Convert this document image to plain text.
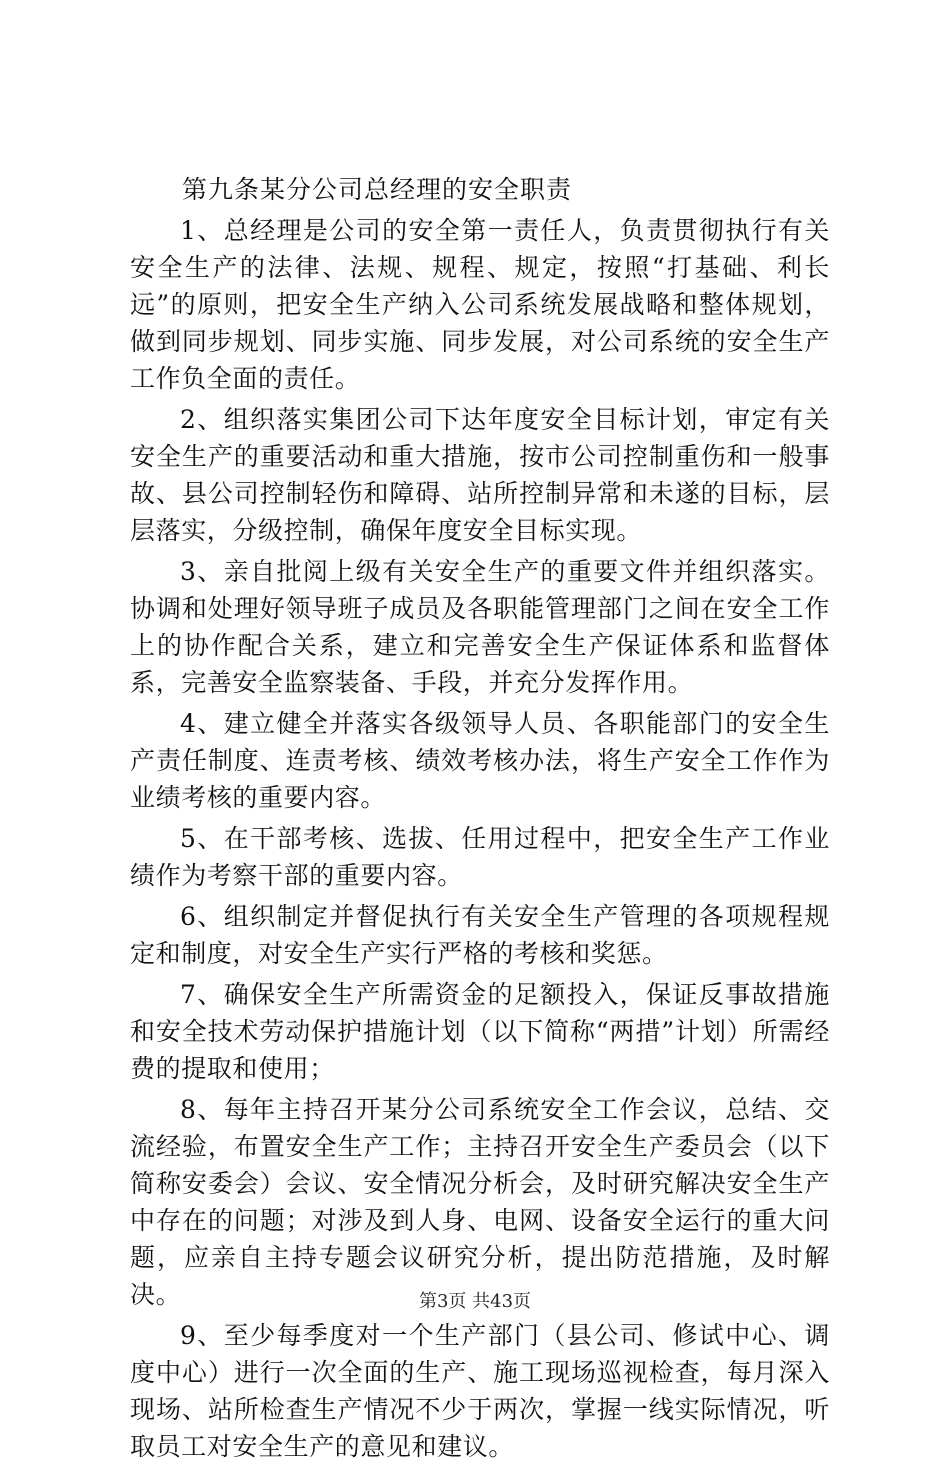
第九条某分公司总经理的安全职责

1、总经理是公司的安全第一责任人，负责贯彻执行有关安全生产的法律、法规、规程、规定，按照“打基础、利长远”的原则，把安全生产纳入公司系统发展战略和整体规划，做到同步规划、同步实施、同步发展，对公司系统的安全生产工作负全面的责任。

2、组织落实集团公司下达年度安全目标计划，审定有关安全生产的重要活动和重大措施，按市公司控制重伤和一般事故、县公司控制轻伤和障碍、站所控制异常和未遂的目标，层层落实，分级控制，确保年度安全目标实现。

3、亲自批阅上级有关安全生产的重要文件并组织落实。协调和处理好领导班子成员及各职能管理部门之间在安全工作上的协作配合关系，建立和完善安全生产保证体系和监督体系，完善安全监察装备、手段，并充分发挥作用。

4、建立健全并落实各级领导人员、各职能部门的安全生产责任制度、连责考核、绩效考核办法，将生产安全工作作为业绩考核的重要内容。

5、在干部考核、选拔、任用过程中，把安全生产工作业绩作为考察干部的重要内容。

6、组织制定并督促执行有关安全生产管理的各项规程规定和制度，对安全生产实行严格的考核和奖惩。

7、确保安全生产所需资金的足额投入，保证反事故措施和安全技术劳动保护措施计划（以下简称“两措”计划）所需经费的提取和使用；

8、每年主持召开某分公司系统安全工作会议，总结、交流经验，布置安全生产工作；主持召开安全生产委员会（以下简称安委会）会议、安全情况分析会，及时研究解决安全生产中存在的问题；对涉及到人身、电网、设备安全运行的重大问题，应亲自主持专题会议研究分析，提出防范措施，及时解决。

9、至少每季度对一个生产部门（县公司、修试中心、调度中心）进行一次全面的生产、施工现场巡视检查，每月深入现场、站所检查生产情况不少于两次，掌握一线实际情况，听取员工对安全生产的意见和建议。

第3页 共43页
